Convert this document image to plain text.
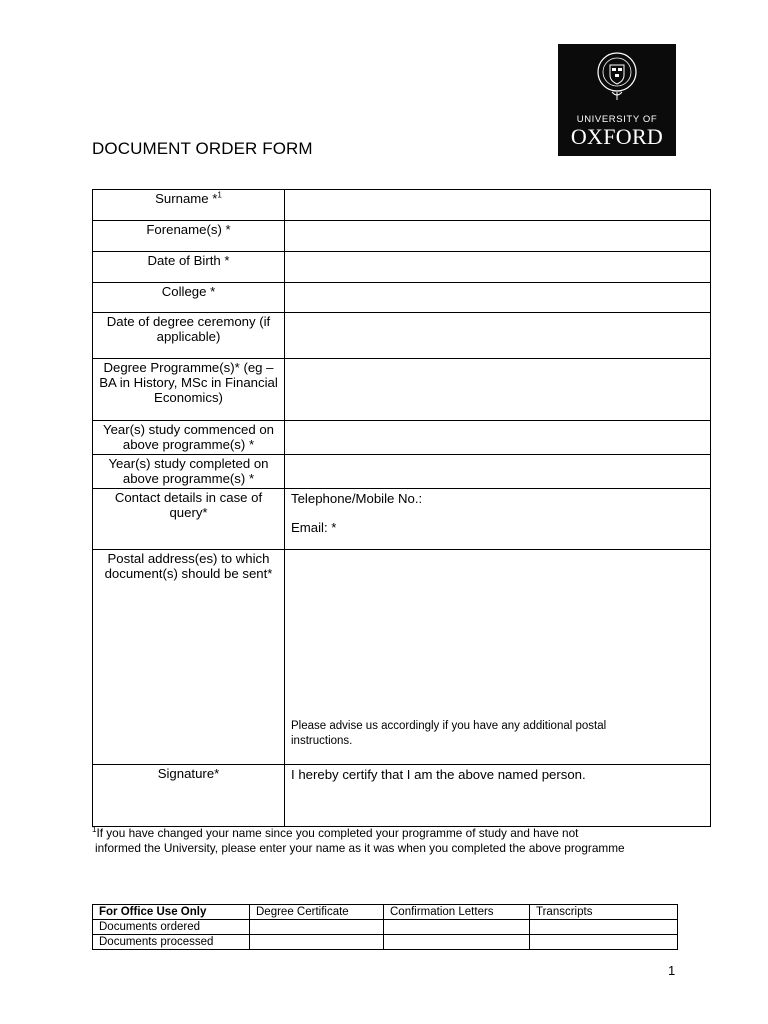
DOCUMENT ORDER FORM
UNIVERSITY OF
OXFORD
Surname *$^1$	
Forename(s) *	
Date of Birth *	
College *	
Date of degree ceremony (if applicable)	
Degree Programme(s)* (eg – BA in History, MSc in Financial Economics)	
Year(s) study commenced on above programme(s) *	
Year(s) study completed on above programme(s) *	
Contact details in case of query*	Telephone/Mobile No.:
Email: *

Postal address(es) to which document(s) should be sent*	Please advise us accordingly if you have any additional postal instructions.

Signature*	I hereby certify that I am the above named person.
$^1$If you have changed your name since you completed your programme of study and have not
informed the University, please enter your name as it was when you completed the above programme
For Office Use Only	Degree Certificate	Confirmation Letters	Transcripts
Documents ordered			
Documents processed			
1
